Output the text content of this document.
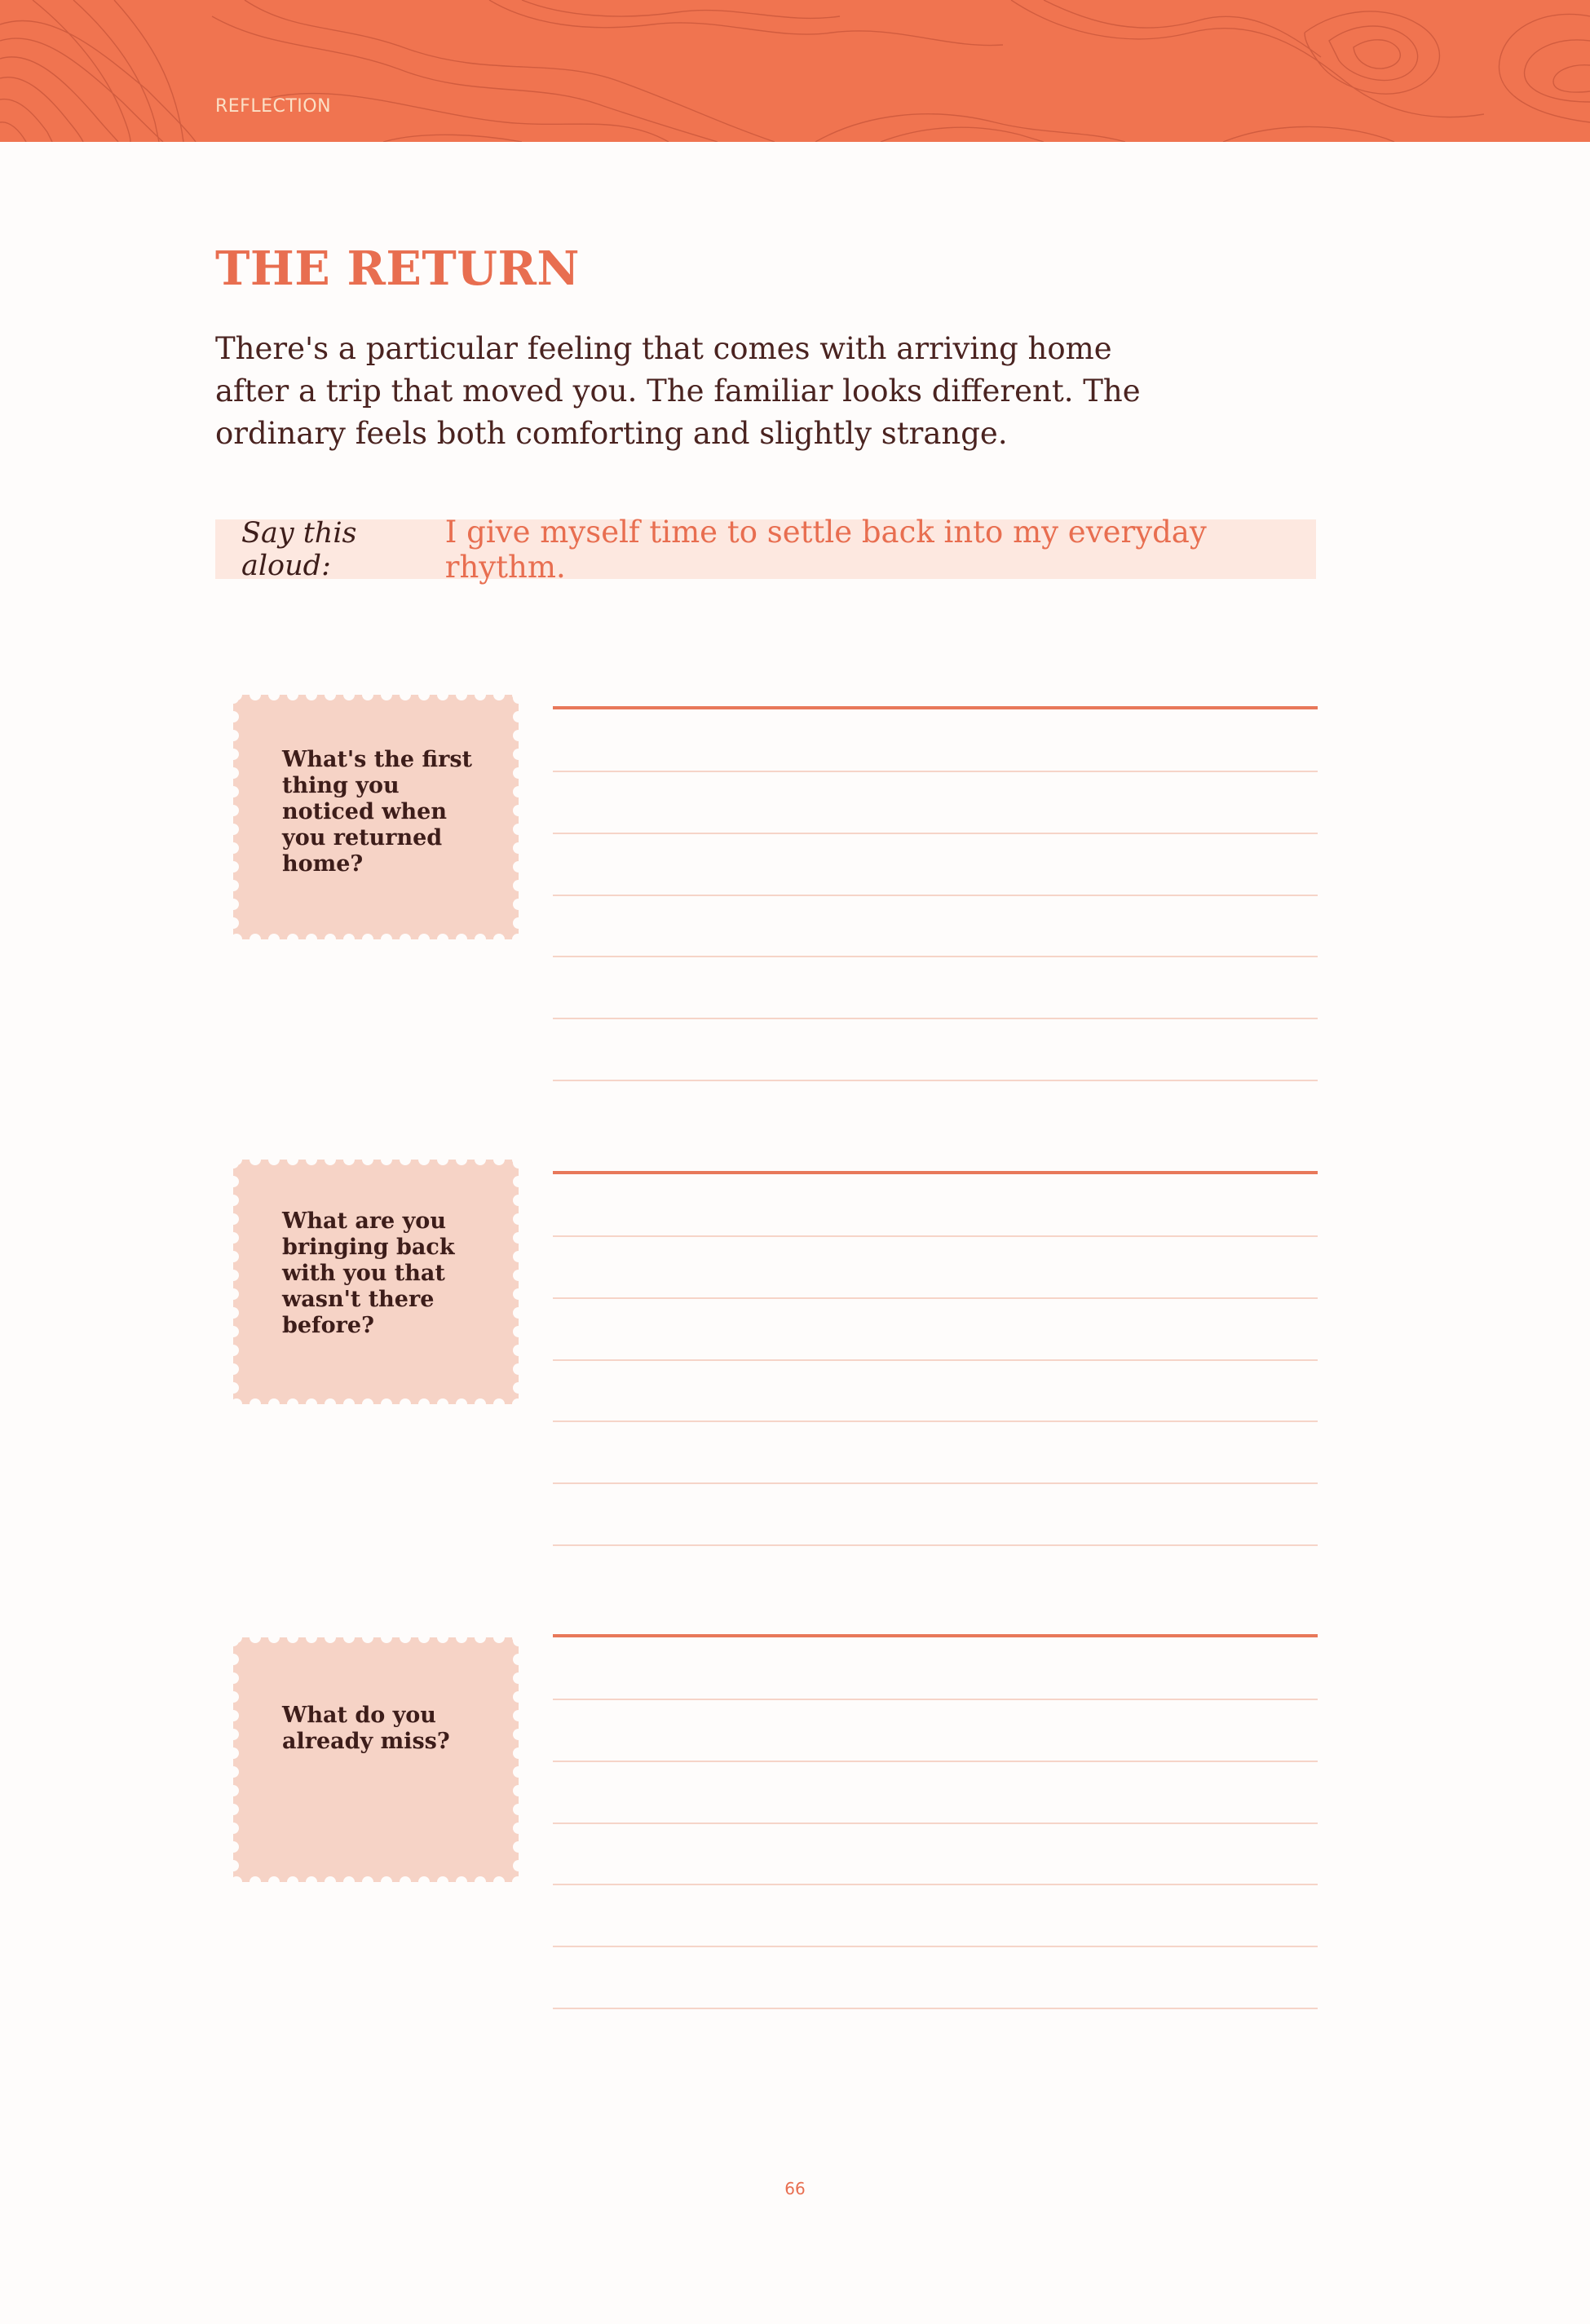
REFLECTION
THE RETURN

There's a particular feeling that comes with arriving home after a trip that moved you. The familiar looks different. The ordinary feels both comforting and slightly strange.

Say this aloud:
I give myself time to settle back into my everyday rhythm.

What's the first thing you noticed when you returned home?

What are you bringing back with you that wasn't there before?

What do you already miss?

66
